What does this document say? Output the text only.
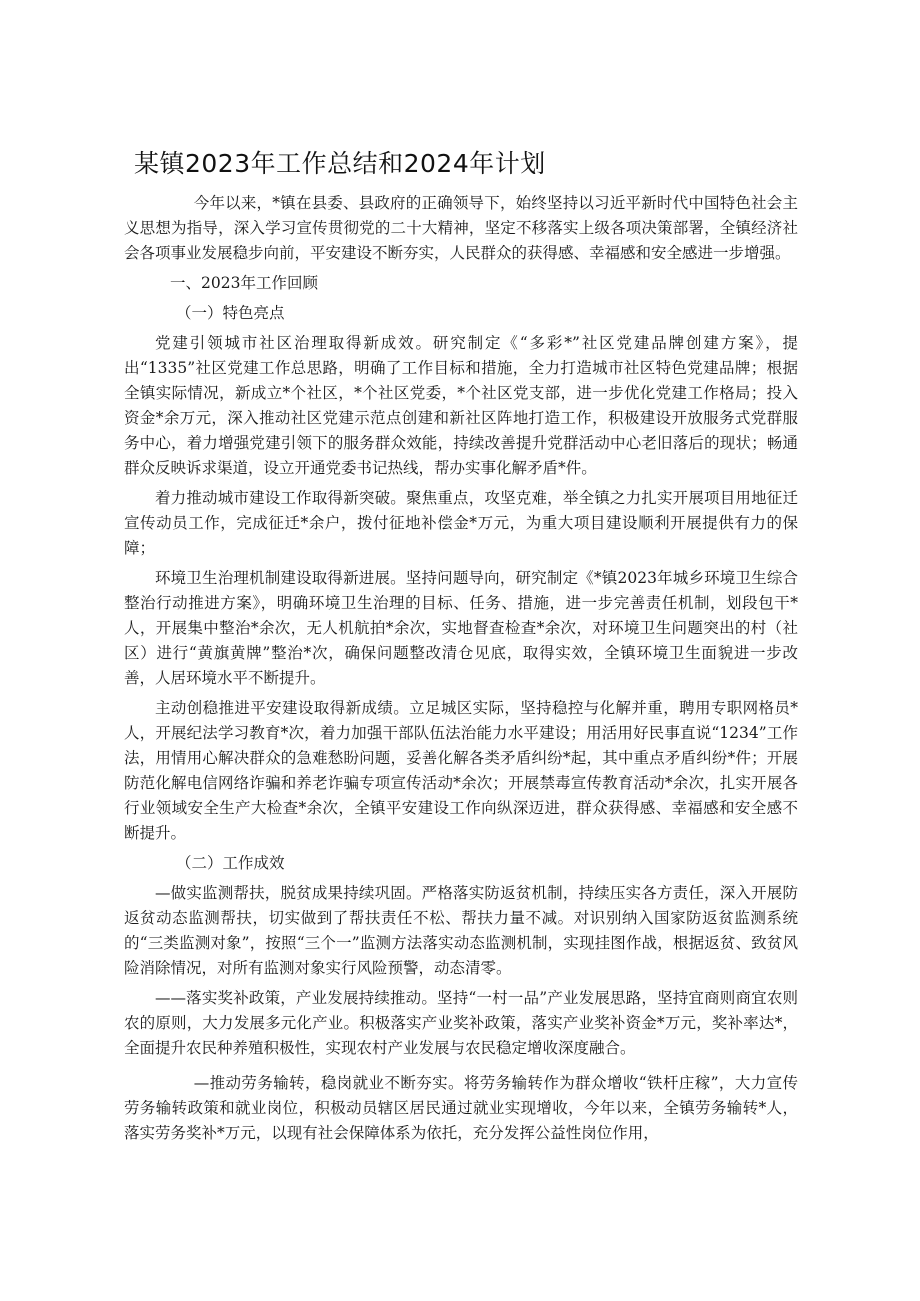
某镇2023年工作总结和2024年计划

今年以来，*镇在县委、县政府的正确领导下，始终坚持以习近平新时代中国特色社会主义思想为指导，深入学习宣传贯彻党的二十大精神，坚定不移落实上级各项决策部署，全镇经济社会各项事业发展稳步向前，平安建设不断夯实，人民群众的获得感、幸福感和安全感进一步增强。

一、2023年工作回顾

（一）特色亮点

党建引领城市社区治理取得新成效。研究制定《“多彩*”社区党建品牌创建方案》，提出“1335”社区党建工作总思路，明确了工作目标和措施，全力打造城市社区特色党建品牌；根据全镇实际情况，新成立*个社区，*个社区党委，*个社区党支部，进一步优化党建工作格局；投入资金*余万元，深入推动社区党建示范点创建和新社区阵地打造工作，积极建设开放服务式党群服务中心，着力增强党建引领下的服务群众效能，持续改善提升党群活动中心老旧落后的现状；畅通群众反映诉求渠道，设立开通党委书记热线，帮办实事化解矛盾*件。

着力推动城市建设工作取得新突破。聚焦重点，攻坚克难，举全镇之力扎实开展项目用地征迁宣传动员工作，完成征迁*余户，拨付征地补偿金*万元，为重大项目建设顺利开展提供有力的保障；

环境卫生治理机制建设取得新进展。坚持问题导向，研究制定《*镇2023年城乡环境卫生综合整治行动推进方案》，明确环境卫生治理的目标、任务、措施，进一步完善责任机制，划段包干*人，开展集中整治*余次，无人机航拍*余次，实地督查检查*余次，对环境卫生问题突出的村（社区）进行“黄旗黄牌”整治*次，确保问题整改清仓见底，取得实效，全镇环境卫生面貌进一步改善，人居环境水平不断提升。

主动创稳推进平安建设取得新成绩。立足城区实际，坚持稳控与化解并重，聘用专职网格员*人，开展纪法学习教育*次，着力加强干部队伍法治能力水平建设；用活用好民事直说“1234”工作法，用情用心解决群众的急难愁盼问题，妥善化解各类矛盾纠纷*起，其中重点矛盾纠纷*件；开展防范化解电信网络诈骗和养老诈骗专项宣传活动*余次；开展禁毒宣传教育活动*余次，扎实开展各行业领域安全生产大检查*余次，全镇平安建设工作向纵深迈进，群众获得感、幸福感和安全感不断提升。

（二）工作成效

—做实监测帮扶，脱贫成果持续巩固。严格落实防返贫机制，持续压实各方责任，深入开展防返贫动态监测帮扶，切实做到了帮扶责任不松、帮扶力量不减。对识别纳入国家防返贫监测系统的“三类监测对象”，按照“三个一”监测方法落实动态监测机制，实现挂图作战，根据返贫、致贫风险消除情况，对所有监测对象实行风险预警，动态清零。

——落实奖补政策，产业发展持续推动。坚持“一村一品”产业发展思路，坚持宜商则商宜农则农的原则，大力发展多元化产业。积极落实产业奖补政策，落实产业奖补资金*万元，奖补率达*，全面提升农民种养殖积极性，实现农村产业发展与农民稳定增收深度融合。

—推动劳务输转，稳岗就业不断夯实。将劳务输转作为群众增收“铁杆庄稼”，大力宣传劳务输转政策和就业岗位，积极动员辖区居民通过就业实现增收，今年以来，全镇劳务输转*人，落实劳务奖补*万元，以现有社会保障体系为依托，充分发挥公益性岗位作用，
